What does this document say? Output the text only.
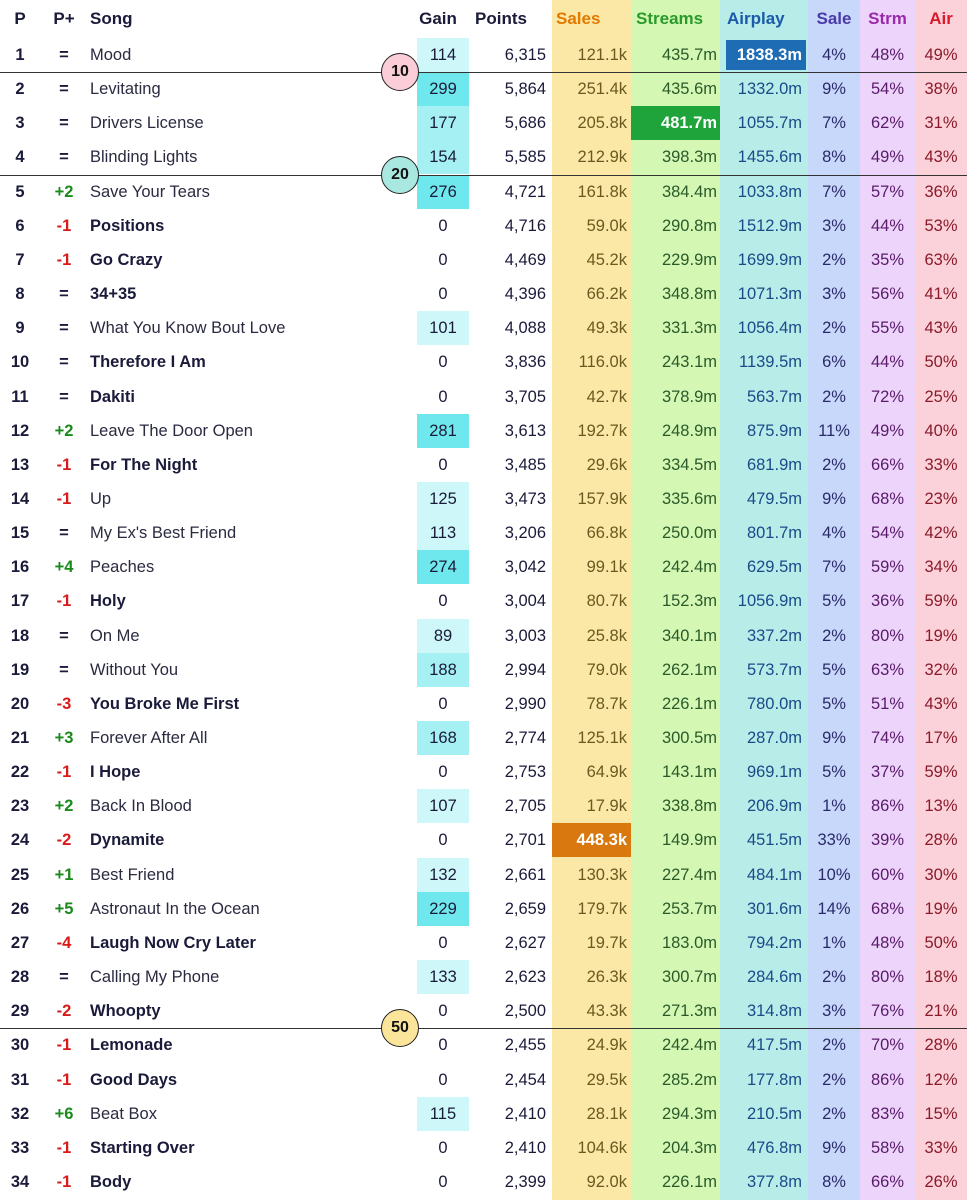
P	P+ Song	Gain	Points Sales	Streams	Airplay	Sale Strm	Air
1	=	Mood	114	6,315	121.1k	435.7m	1838.3m	4%	48%	49%
2	=	Levitating	299	5,864	251.4k	435.6m	1332.0m	9%	54%	38%
3	=	Drivers License	177	5,686	205.8k	481.7m	1055.7m	7%	62%	31%
4	=	Blinding Lights	154	5,585	212.9k	398.3m	1455.6m	8%	49%	43%
5	+2	Save Your Tears	276	4,721	161.8k	384.4m	1033.8m	7%	57%	36%
6	-1	Positions	0	4,716	59.0k	290.8m	1512.9m	3%	44%	53%
7	-1	Go Crazy	0	4,469	45.2k	229.9m	1699.9m	2%	35%	63%
8	=	34+35	0	4,396	66.2k	348.8m	1071.3m	3%	56%	41%
9	=	What You Know Bout Love	101	4,088	49.3k	331.3m	1056.4m	2%	55%	43%
10	=	Therefore I Am	0	3,836	116.0k	243.1m	1139.5m	6%	44%	50%
11	=	Dakiti	0	3,705	42.7k	378.9m	563.7m	2%	72%	25%
12	+2	Leave The Door Open	281	3,613	192.7k	248.9m	875.9m 11%	49%	40%
13	-1	For The Night	0	3,485	29.6k	334.5m	681.9m	2%	66%	33%
14	-1	Up	125	3,473	157.9k	335.6m	479.5m	9%	68%	23%
15	=	My Ex's Best Friend	113	3,206	66.8k	250.0m	801.7m	4%	54%	42%
16	+4	Peaches	274	3,042	99.1k	242.4m	629.5m	7%	59%	34%
17	-1	Holy	0	3,004	80.7k	152.3m	1056.9m	5%	36%	59%
18	=	On Me	89	3,003	25.8k	340.1m	337.2m	2%	80%	19%
19	=	Without You	188	2,994	79.0k	262.1m	573.7m	5%	63%	32%
20	-3	You Broke Me First	0	2,990	78.7k	226.1m	780.0m	5%	51%	43%
21	+3	Forever After All	168	2,774	125.1k	300.5m	287.0m	9%	74%	17%
22	-1	I Hope	0	2,753	64.9k	143.1m	969.1m	5%	37%	59%
23	+2	Back In Blood	107	2,705	17.9k	338.8m	206.9m	1%	86%	13%
24	-2	Dynamite	0	2,701	448.3k	149.9m	451.5m 33%	39%	28%
25	+1	Best Friend	132	2,661	130.3k	227.4m	484.1m 10%	60%	30%
26	+5	Astronaut In the Ocean	229	2,659	179.7k	253.7m	301.6m 14%	68%	19%
27	-4	Laugh Now Cry Later	0	2,627	19.7k	183.0m	794.2m	1%	48%	50%
28	=	Calling My Phone	133	2,623	26.3k	300.7m	284.6m	2%	80%	18%
29	-2	Whoopty	0	2,500	43.3k	271.3m	314.8m	3%	76%	21%
30	-1	Lemonade	0	2,455	24.9k	242.4m	417.5m	2%	70%	28%
31	-1	Good Days	0	2,454	29.5k	285.2m	177.8m	2%	86%	12%
32	+6	Beat Box	115	2,410	28.1k	294.3m	210.5m	2%	83%	15%
33	-1	Starting Over	0	2,410	104.6k	204.3m	476.8m	9%	58%	33%
34	-1	Body	0	2,399	92.0k	226.1m	377.8m	8%	66%	26%
10
20
50
